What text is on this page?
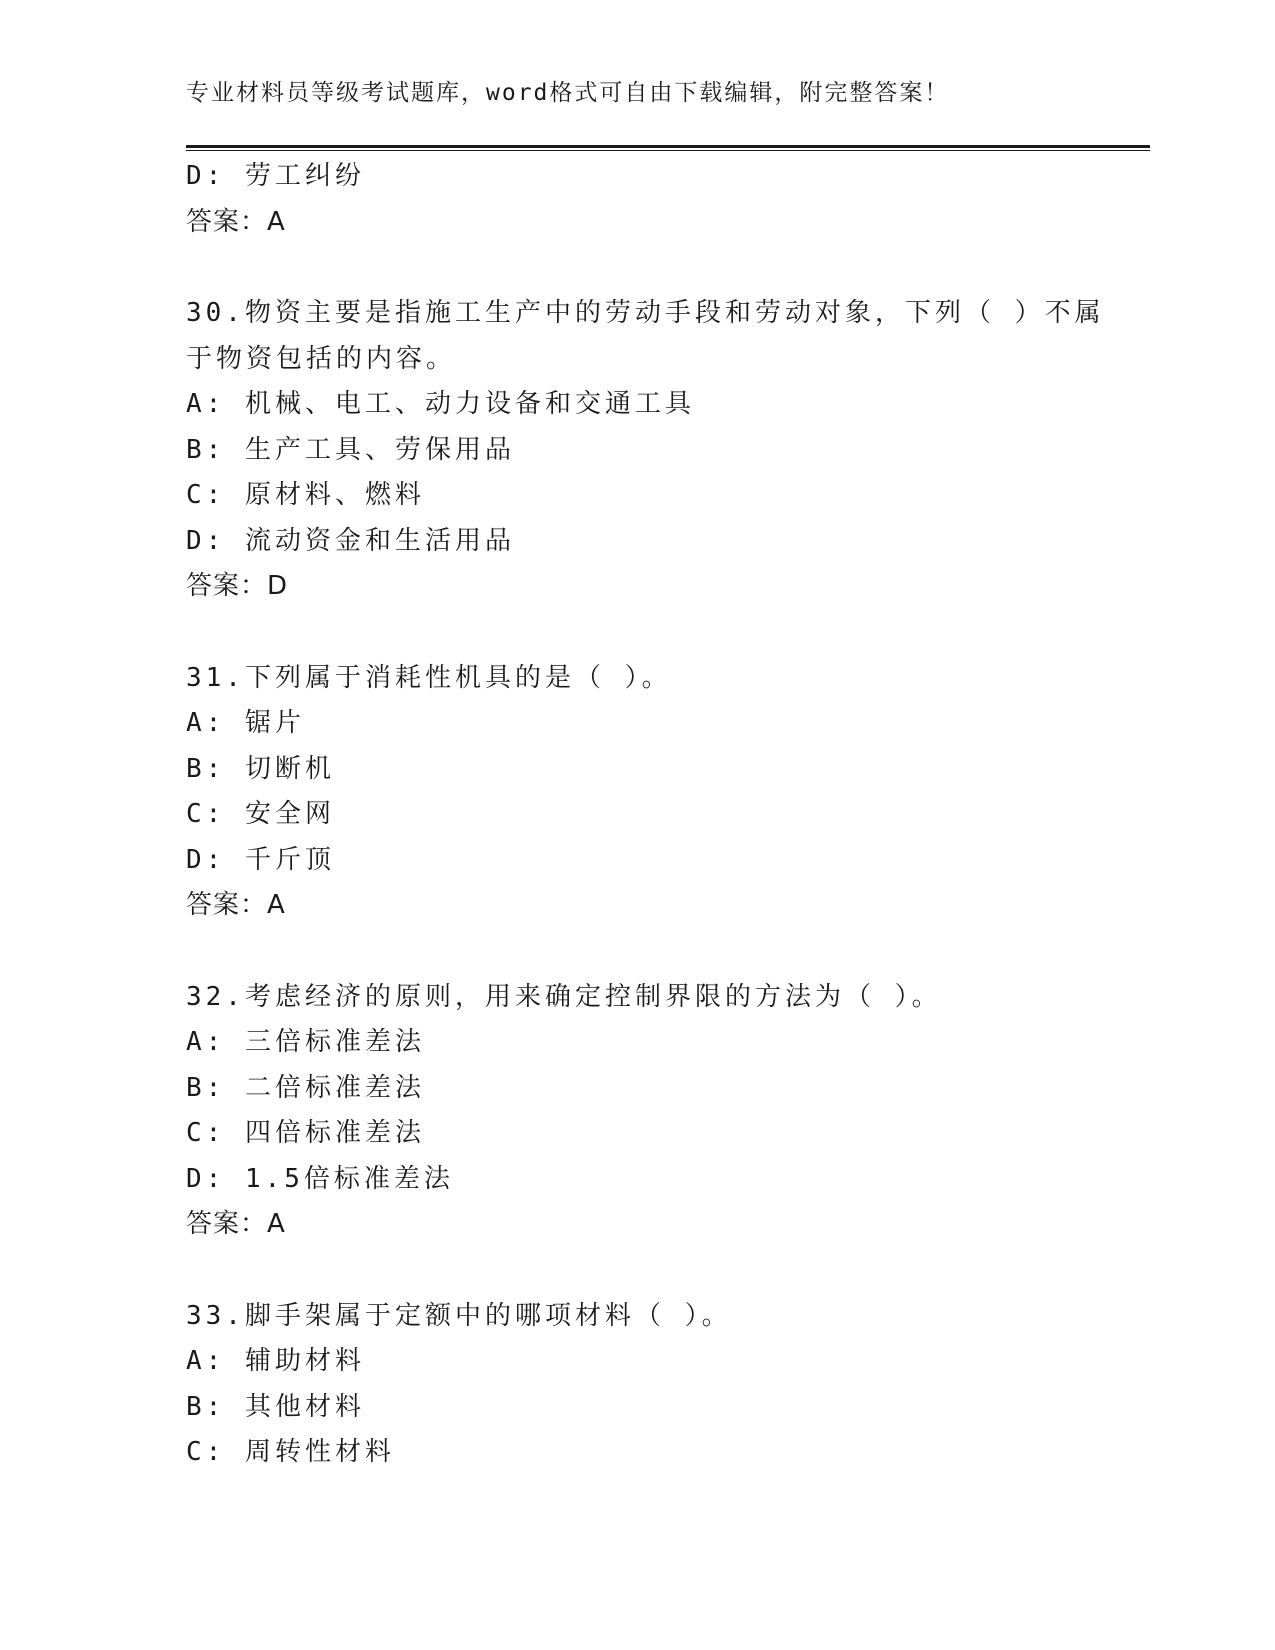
专业材料员等级考试题库，word格式可自由下载编辑，附完整答案！
D: 劳工纠纷
答案：A
30.物资主要是指施工生产中的劳动手段和劳动对象，下列（ ）不属
于物资包括的内容。
A: 机械、电工、动力设备和交通工具
B: 生产工具、劳保用品
C: 原材料、燃料
D: 流动资金和生活用品
答案：D
31.下列属于消耗性机具的是（ ）。
A: 锯片
B: 切断机
C: 安全网
D: 千斤顶
答案：A
32.考虑经济的原则，用来确定控制界限的方法为（ ）。
A: 三倍标准差法
B: 二倍标准差法
C: 四倍标准差法
D: 1.5倍标准差法
答案：A
33.脚手架属于定额中的哪项材料（ ）。
A: 辅助材料
B: 其他材料
C: 周转性材料
